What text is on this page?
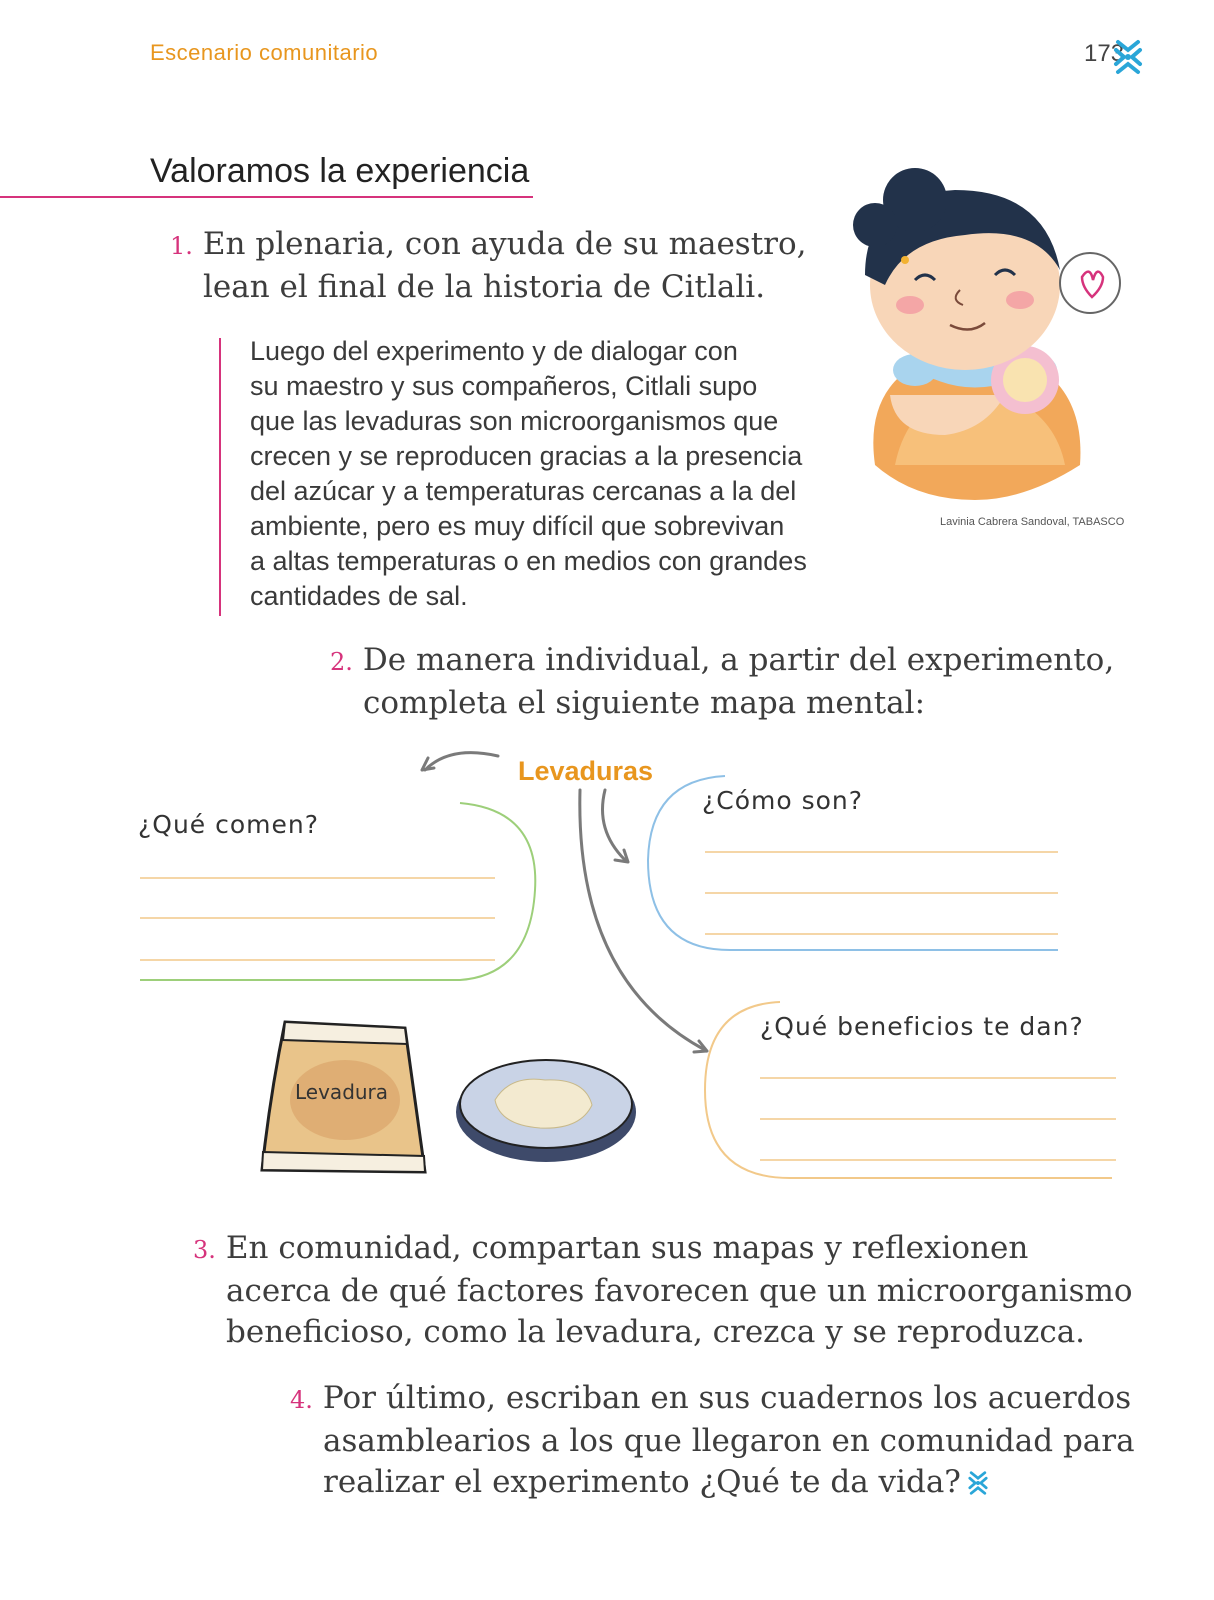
Escenario comunitario	173
Valoramos la experiencia
1. En plenaria, con ayuda de su maestro,
lean el final de la historia de Citlali.
Luego del experimento y de dialogar con
su maestro y sus compañeros, Citlali supo
que las levaduras son microorganismos que
crecen y se reproducen gracias a la presencia
del azúcar y a temperaturas cercanas a la del
ambiente, pero es muy difícil que sobrevivan
a altas temperaturas o en medios con grandes
cantidades de sal.
Lavinia Cabrera Sandoval, TABASCO
2. De manera individual, a partir del experimento,
completa el siguiente mapa mental:
Levaduras
¿Qué comen?
¿Cómo son?
¿Qué beneficios te dan?
Levadura
3. En comunidad, compartan sus mapas y reflexionen
acerca de qué factores favorecen que un microorganismo
beneficioso, como la levadura, crezca y se reproduzca.
4. Por último, escriban en sus cuadernos los acuerdos
asamblearios a los que llegaron en comunidad para
realizar el experimento ¿Qué te da vida?
